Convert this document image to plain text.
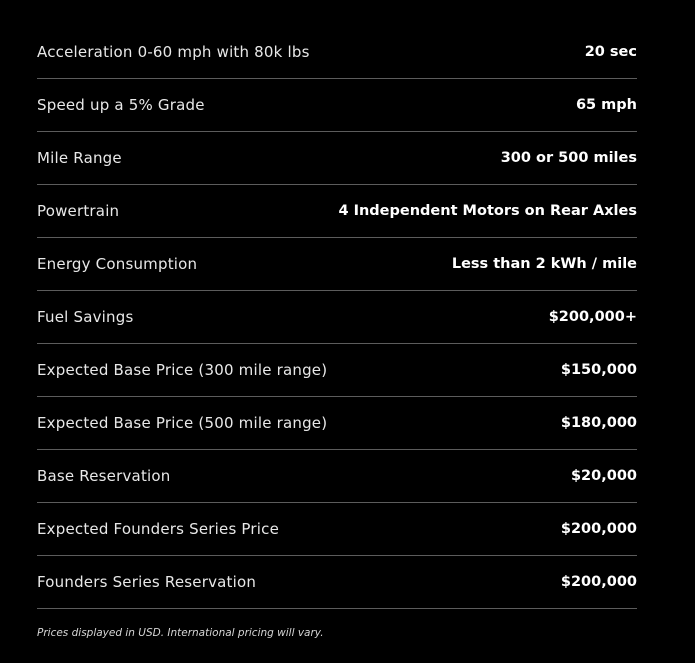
Acceleration 0-60 mph with 80k lbs	20 sec
Speed up a 5% Grade	65 mph
Mile Range	300 or 500 miles
Powertrain	4 Independent Motors on Rear Axles
Energy Consumption	Less than 2 kWh / mile
Fuel Savings	$200,000+
Expected Base Price (300 mile range)	$150,000
Expected Base Price (500 mile range)	$180,000
Base Reservation	$20,000
Expected Founders Series Price	$200,000
Founders Series Reservation	$200,000
Prices displayed in USD. International pricing will vary.
